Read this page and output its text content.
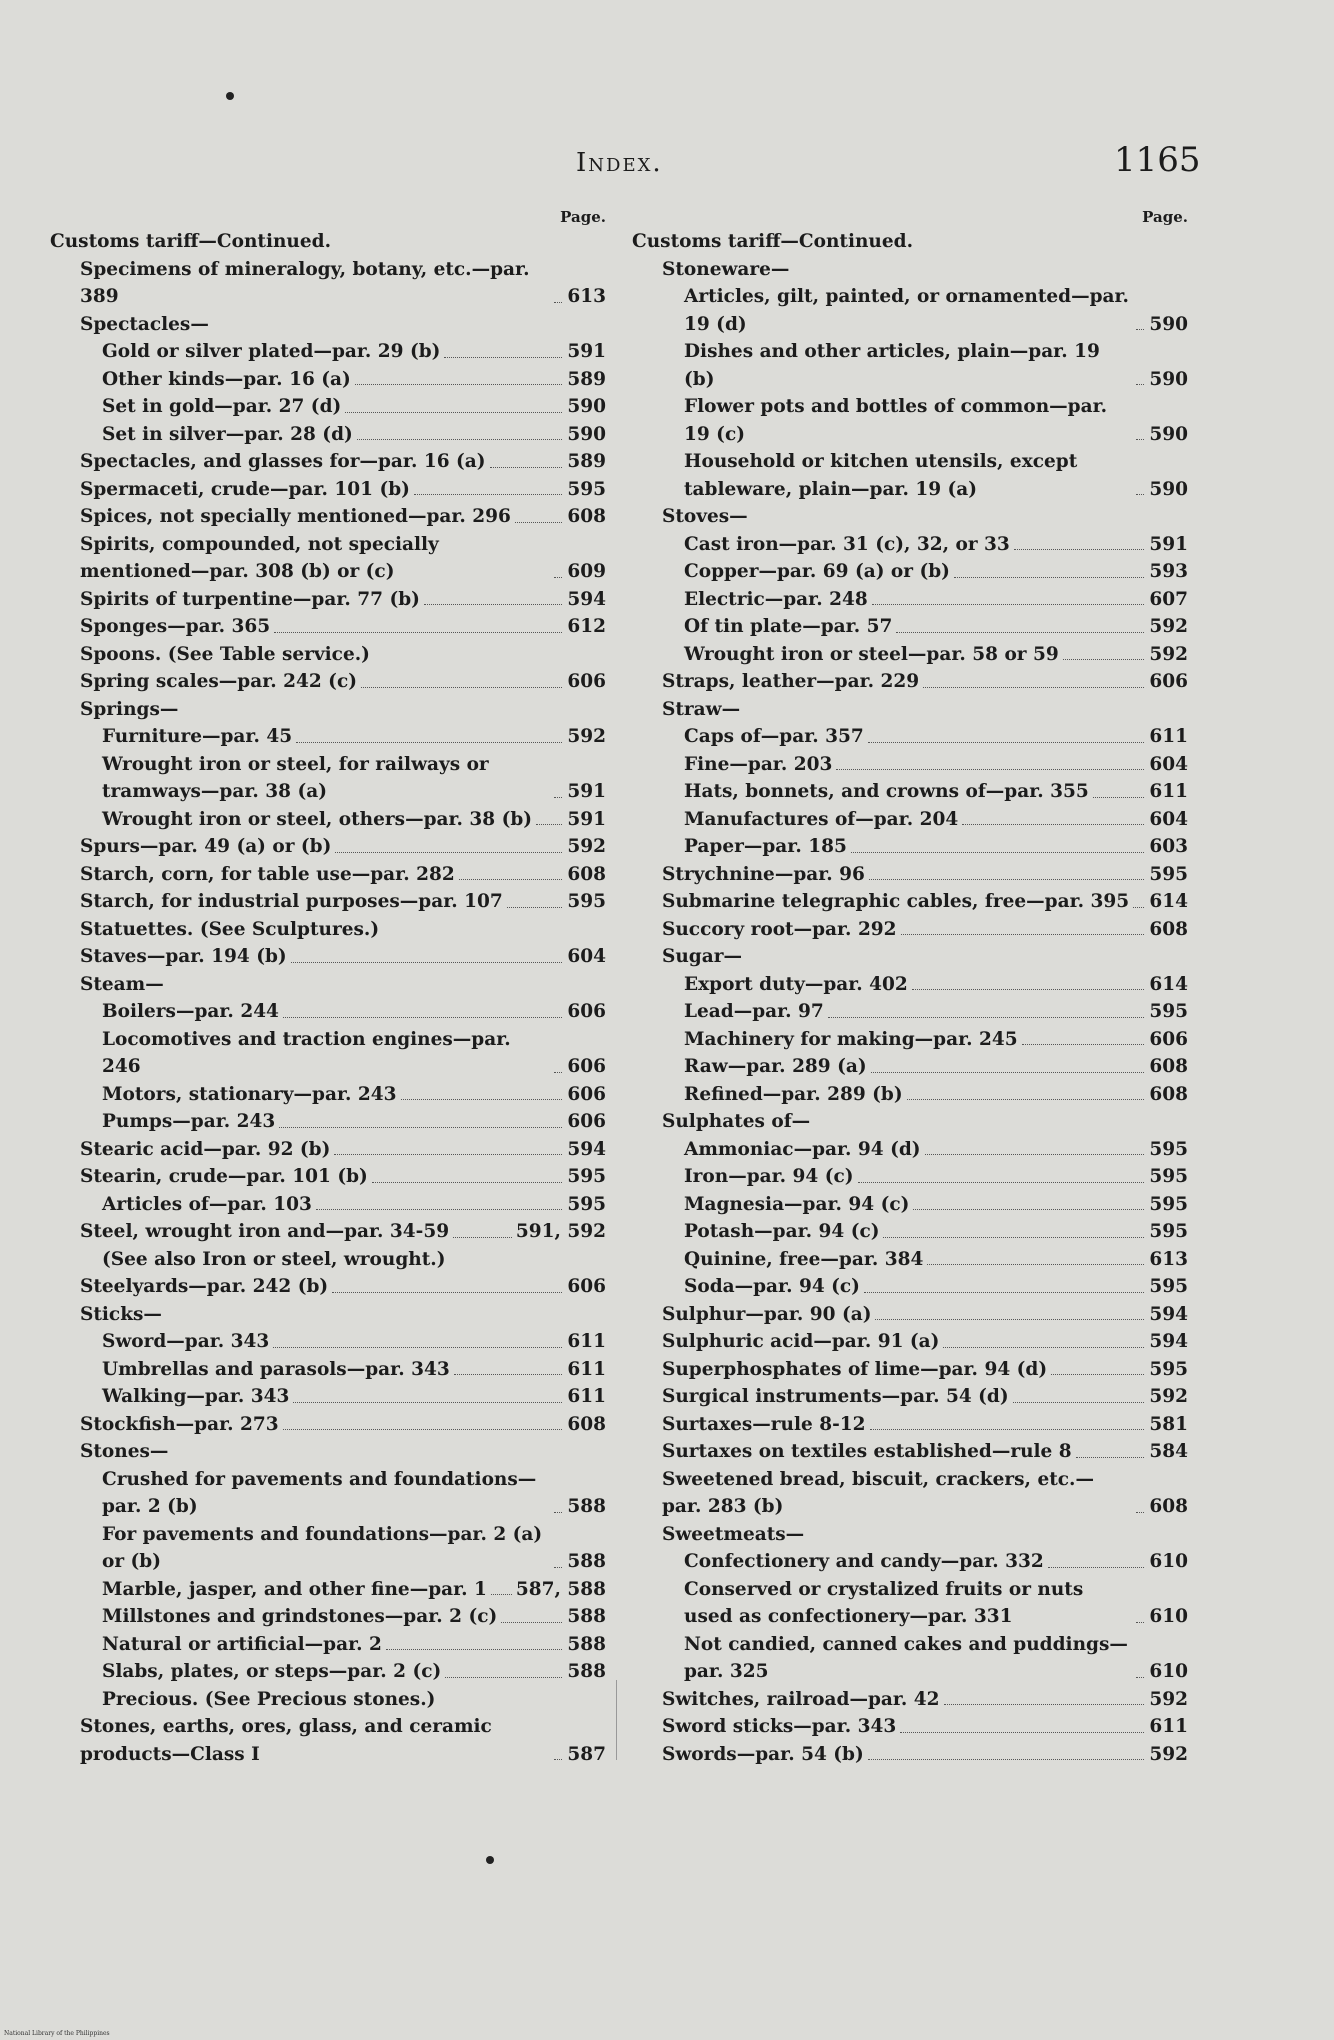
Index.	1165
Page.
Customs tariff—Continued.
Specimens of mineralogy, botany, etc.—par. 389	613
Spectacles—
Gold or silver plated—par. 29 (b)	591
Other kinds—par. 16 (a)	589
Set in gold—par. 27 (d)	590
Set in silver—par. 28 (d)	590
Spectacles, and glasses for—par. 16 (a)	589
Spermaceti, crude—par. 101 (b)	595
Spices, not specially mentioned—par. 296	608
Spirits, compounded, not specially mentioned—par. 308 (b) or (c)	609
Spirits of turpentine—par. 77 (b)	594
Sponges—par. 365	612
Spoons. (See Table service.)
Spring scales—par. 242 (c)	606
Springs—
Furniture—par. 45	592
Wrought iron or steel, for railways or tramways—par. 38 (a)	591
Wrought iron or steel, others—par. 38 (b) 591
Spurs—par. 49 (a) or (b)	592
Starch, corn, for table use—par. 282	608
Starch, for industrial purposes—par. 107	595
Statuettes. (See Sculptures.)
Staves—par. 194 (b)	604
Steam—
Boilers—par. 244	606
Locomotives and traction engines—par. 246	606
Motors, stationary—par. 243	606
Pumps—par. 243	606
Stearic acid—par. 92 (b)	594
Stearin, crude—par. 101 (b)	595
Articles of—par. 103	595
Steel, wrought iron and—par. 34-59	591, 592
(See also Iron or steel, wrought.)
Steelyards—par. 242 (b)	606
Sticks—
Sword—par. 343	611
Umbrellas and parasols—par. 343	611
Walking—par. 343	611
Stockfish—par. 273	608
Stones—
Crushed for pavements and foundations—par. 2 (b)	588
For pavements and foundations—par. 2 (a) or (b)	588
Marble, jasper, and other fine—par. 1 587, 588
Millstones and grindstones—par. 2 (c)	588
Natural or artificial—par. 2	588
Slabs, plates, or steps—par. 2 (c)	588
Precious. (See Precious stones.)
Stones, earths, ores, glass, and ceramic products—Class I	587
Page.
Customs tariff—Continued.
Stoneware—
Articles, gilt, painted, or ornamented—par. 19 (d)	590
Dishes and other articles, plain—par. 19 (b)	590
Flower pots and bottles of common—par. 19 (c)	590
Household or kitchen utensils, except tableware, plain—par. 19 (a)	590
Stoves—
Cast iron—par. 31 (c), 32, or 33	591
Copper—par. 69 (a) or (b)	593
Electric—par. 248	607
Of tin plate—par. 57	592
Wrought iron or steel—par. 58 or 59	592
Straps, leather—par. 229	606
Straw—
Caps of—par. 357	611
Fine—par. 203	604
Hats, bonnets, and crowns of—par. 355	611
Manufactures of—par. 204	604
Paper—par. 185	603
Strychnine—par. 96	595
Submarine telegraphic cables, free—par. 395 614
Succory root—par. 292	608
Sugar—
Export duty—par. 402	614
Lead—par. 97	595
Machinery for making—par. 245	606
Raw—par. 289 (a)	608
Refined—par. 289 (b)	608
Sulphates of—
Ammoniac—par. 94 (d)	595
Iron—par. 94 (c)	595
Magnesia—par. 94 (c)	595
Potash—par. 94 (c)	595
Quinine, free—par. 384	613
Soda—par. 94 (c)	595
Sulphur—par. 90 (a)	594
Sulphuric acid—par. 91 (a)	594
Superphosphates of lime—par. 94 (d)	595
Surgical instruments—par. 54 (d)	592
Surtaxes—rule 8-12	581
Surtaxes on textiles established—rule 8	584
Sweetened bread, biscuit, crackers, etc.—par. 283 (b)	608
Sweetmeats—
Confectionery and candy—par. 332	610
Conserved or crystalized fruits or nuts used as confectionery—par. 331	610
Not candied, canned cakes and puddings—par. 325	610
Switches, railroad—par. 42	592
Sword sticks—par. 343	611
Swords—par. 54 (b)	592
National Library of the Philippines
